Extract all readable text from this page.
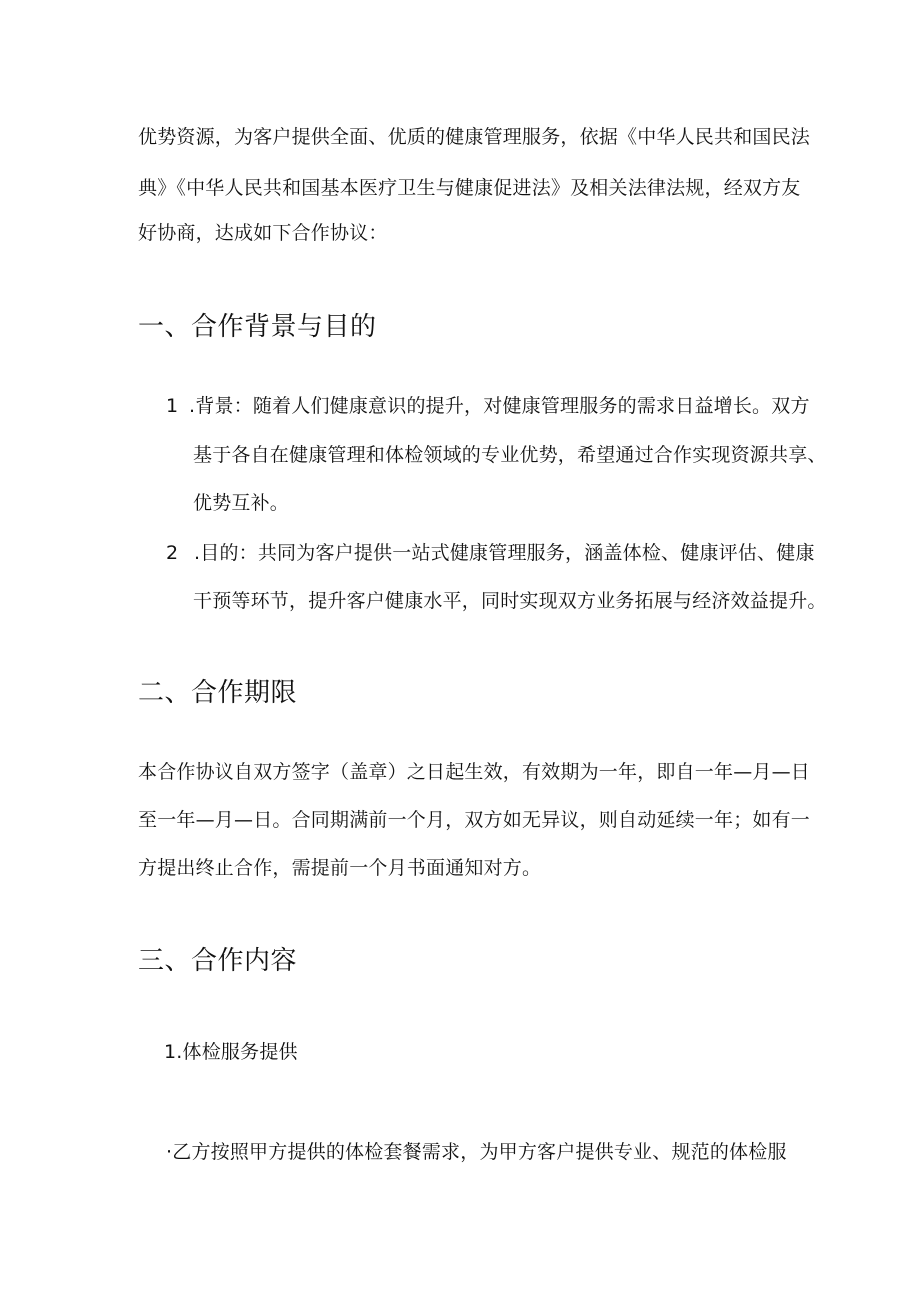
优势资源，为客户提供全面、优质的健康管理服务，依据《中华人民共和国民法
典》《中华人民共和国基本医疗卫生与健康促进法》及相关法律法规，经双方友
好协商，达成如下合作协议：
一、合作背景与目的
1 .背景：随着人们健康意识的提升，对健康管理服务的需求日益增长。双方
基于各自在健康管理和体检领域的专业优势，希望通过合作实现资源共享、
优势互补。
2 .目的：共同为客户提供一站式健康管理服务，涵盖体检、健康评估、健康
干预等环节，提升客户健康水平，同时实现双方业务拓展与经济效益提升。
二、合作期限
本合作协议自双方签字（盖章）之日起生效，有效期为一年，即自一年—月—日
至一年—月—日。合同期满前一个月，双方如无异议，则自动延续一年；如有一
方提出终止合作，需提前一个月书面通知对方。
三、合作内容
1.体检服务提供
·乙方按照甲方提供的体检套餐需求，为甲方客户提供专业、规范的体检服
